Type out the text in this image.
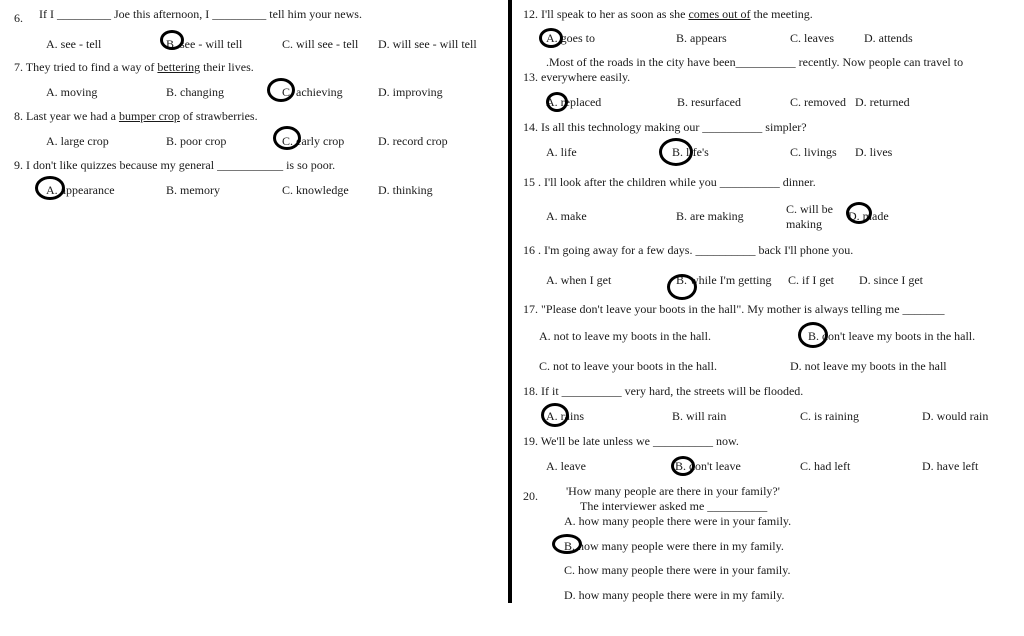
6. If I _________ Joe this afternoon, I _________ tell him your news.
A. see - tell	B. see - will tell	C. will see - tell D. will see - will tell
7. They tried to find a way of bettering their lives.
A. moving	B. changing	C. achieving	D. improving
8. Last year we had a bumper crop of strawberries.
A. large crop	B. poor crop	C. early crop	D. record crop
9. I don't like quizzes because my general ___________ is so poor.
A. appearance	B. memory	C. knowledge D. thinking
12. I'll speak to her as soon as she comes out of the meeting.
A. goes to	B. appears	C. leaves	D. attends
.Most of the roads in the city have been__________ recently. Now people can travel to
13. everywhere easily.
A. replaced	B. resurfaced	C. removed D. returned
14. Is all this technology making our __________ simpler?
A. life	B. life's	C. livings D. lives
15 . I'll look after the children while you __________ dinner.
A. make	B. are making	C. will be
making
D. made
16 . I'm going away for a few days. __________ back I'll phone you.
A. when I get	B. while I'm getting C. if I get D. since I get
17. "Please don't leave your boots in the hall". My mother is always telling me _______
A. not to leave my boots in the hall.	B. don't leave my boots in the hall.
C. not to leave your boots in the hall.	D. not leave my boots in the hall
18. If it __________ very hard, the streets will be flooded.
A. rains	B. will rain	C. is raining	D. would rain
19. We'll be late unless we __________ now.
A. leave	B. don't leave	C. had left	D. have left
20. 'How many people are there in your family?'
The interviewer asked me __________
A. how many people there were in your family.
B. how many people were there in my family.
C. how many people there were in your family.
D. how many people there were in my family.
